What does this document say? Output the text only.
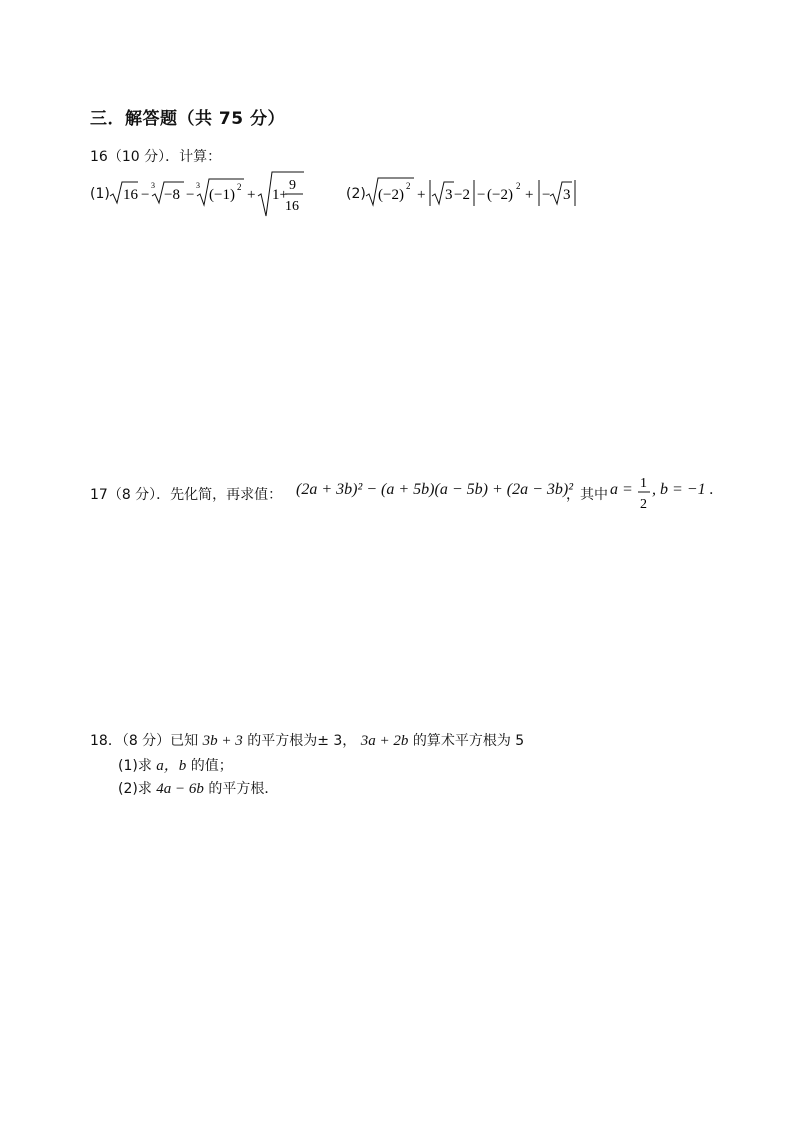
三．解答题（共 75 分）
16（10 分）．计算：
(1) 16 −
3
−8 −
3
(−1) 2 + 1+
9
16
(2) (−2)
2
+ 3 −2 − (−2)
2
+ − 3
17（8 分）．先化简，再求值： (2a + 3b)² − (a + 5b)(a − 5b) + (2a − 3b)²
，其中 a = 1
2
, b = −1 .
18．（8 分）已知 3b + 3 的平方根为± 3， 3a + 2b 的算术平方根为 5
(1)求 a，b 的值；
(2)求 4a − 6b 的平方根．
